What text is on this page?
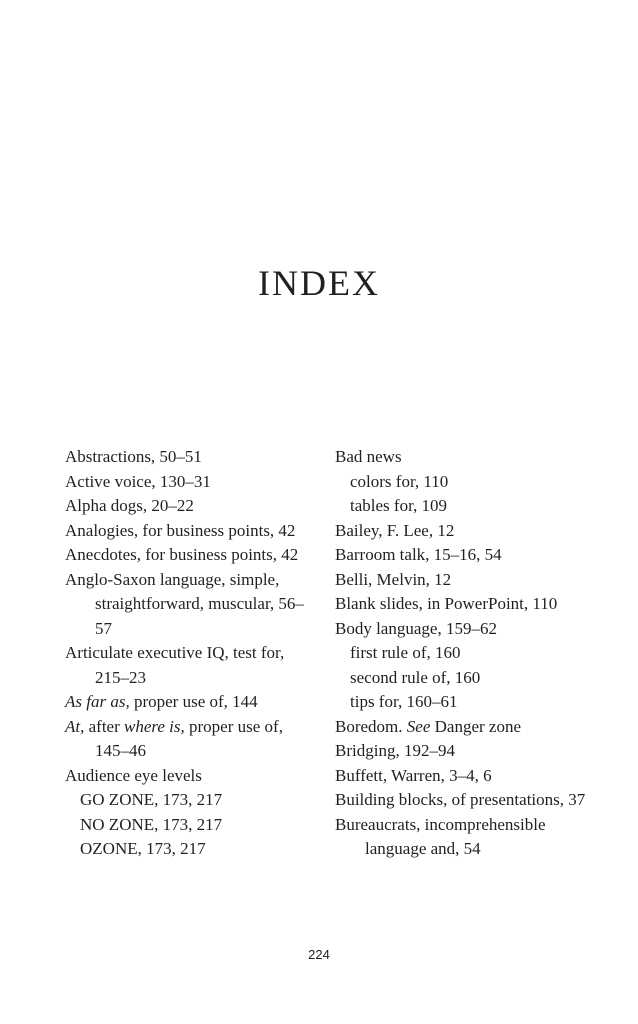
INDEX

Abstractions, 50–51

Active voice, 130–31

Alpha dogs, 20–22

Analogies, for business points, 42

Anecdotes, for business points, 42

Anglo-Saxon language, simple, straightforward, muscular, 56–57

Articulate executive IQ, test for, 215–23

As far as, proper use of, 144

At, after where is, proper use of, 145–46

Audience eye levels

GO ZONE, 173, 217

NO ZONE, 173, 217

OZONE, 173, 217

Bad news

colors for, 110

tables for, 109

Bailey, F. Lee, 12

Barroom talk, 15–16, 54

Belli, Melvin, 12

Blank slides, in PowerPoint, 110

Body language, 159–62

first rule of, 160

second rule of, 160

tips for, 160–61

Boredom. See Danger zone

Bridging, 192–94

Buffett, Warren, 3–4, 6

Building blocks, of presentations, 37

Bureaucrats, incomprehensible language and, 54

224
